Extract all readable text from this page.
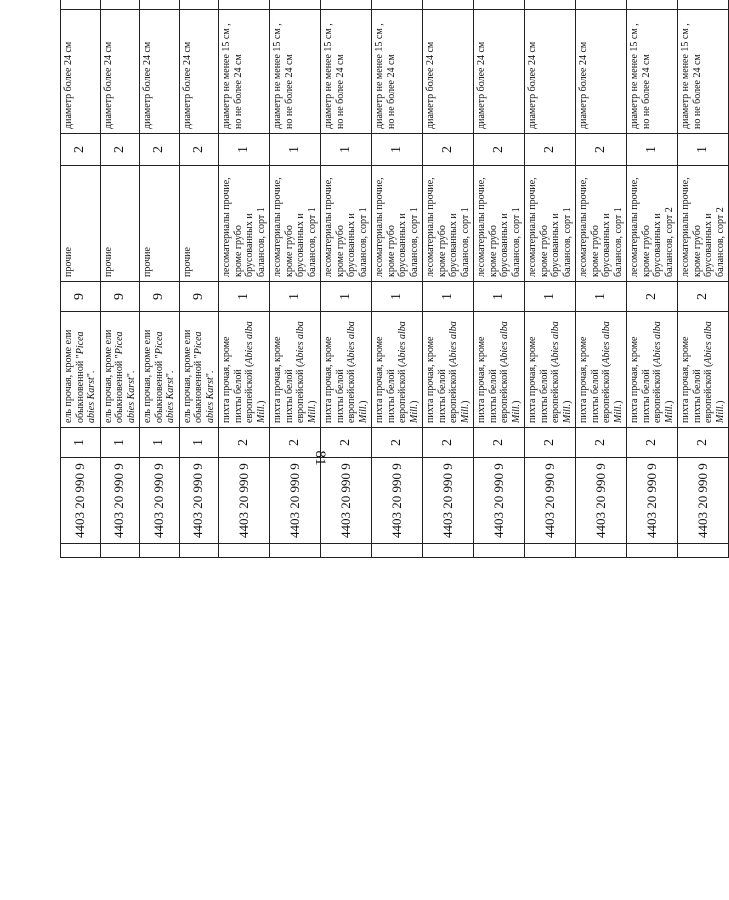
81
	4403 20 990 9	1	ель прочая, кроме ели обыкновенной "Picea abies Karst".	9	прочие	2	диаметр более 24 см			
	4403 20 990 9	1	ель прочая, кроме ели обыкновенной "Picea abies Karst".	9	прочие	2	диаметр более 24 см			
	4403 20 990 9	1	ель прочая, кроме ели обыкновенной "Picea abies Karst".	9	прочие	2	диаметр более 24 см			
	4403 20 990 9	1	ель прочая, кроме ели обыкновенной "Picea abies Karst".	9	прочие	2	диаметр более 24 см			
	4403 20 990 9	2	пихта прочая, кроме пихты белой европейской (Abies alba Mill.)	1	лесоматериалы прочие, кроме грубо брусованных и балансов, сорт 1	1	диаметр не менее 15 см , но не более 24 см			
	4403 20 990 9	2	пихта прочая, кроме пихты белой европейской (Abies alba Mill.)	1	лесоматериалы прочие, кроме грубо брусованных и балансов, сорт 1	1	диаметр не менее 15 см , но не более 24 см			
	4403 20 990 9	2	пихта прочая, кроме пихты белой европейской (Abies alba Mill.)	1	лесоматериалы прочие, кроме грубо брусованных и балансов, сорт 1	1	диаметр не менее 15 см , но не более 24 см			
	4403 20 990 9	2	пихта прочая, кроме пихты белой европейской (Abies alba Mill.)	1	лесоматериалы прочие, кроме грубо брусованных и балансов, сорт 1	1	диаметр не менее 15 см , но не более 24 см			
	4403 20 990 9	2	пихта прочая, кроме пихты белой европейской (Abies alba Mill.)	1	лесоматериалы прочие, кроме грубо брусованных и балансов, сорт 1	2	диаметр более 24 см			
	4403 20 990 9	2	пихта прочая, кроме пихты белой европейской (Abies alba Mill.)	1	лесоматериалы прочие, кроме грубо брусованных и балансов, сорт 1	2	диаметр более 24 см			
	4403 20 990 9	2	пихта прочая, кроме пихты белой европейской (Abies alba Mill.)	1	лесоматериалы прочие, кроме грубо брусованных и балансов, сорт 1	2	диаметр более 24 см			
	4403 20 990 9	2	пихта прочая, кроме пихты белой европейской (Abies alba Mill.)	1	лесоматериалы прочие, кроме грубо брусованных и балансов, сорт 1	2	диаметр более 24 см			
	4403 20 990 9	2	пихта прочая, кроме пихты белой европейской (Abies alba Mill.)	2	лесоматериалы прочие, кроме грубо брусованных и балансов, сорт 2	1	диаметр не менее 15 см , но не более 24 см			
	4403 20 990 9	2	пихта прочая, кроме пихты белой европейской (Abies alba Mill.)	2	лесоматериалы прочие, кроме грубо брусованных и балансов, сорт 2	1	диаметр не менее 15 см , но не более 24 см			
